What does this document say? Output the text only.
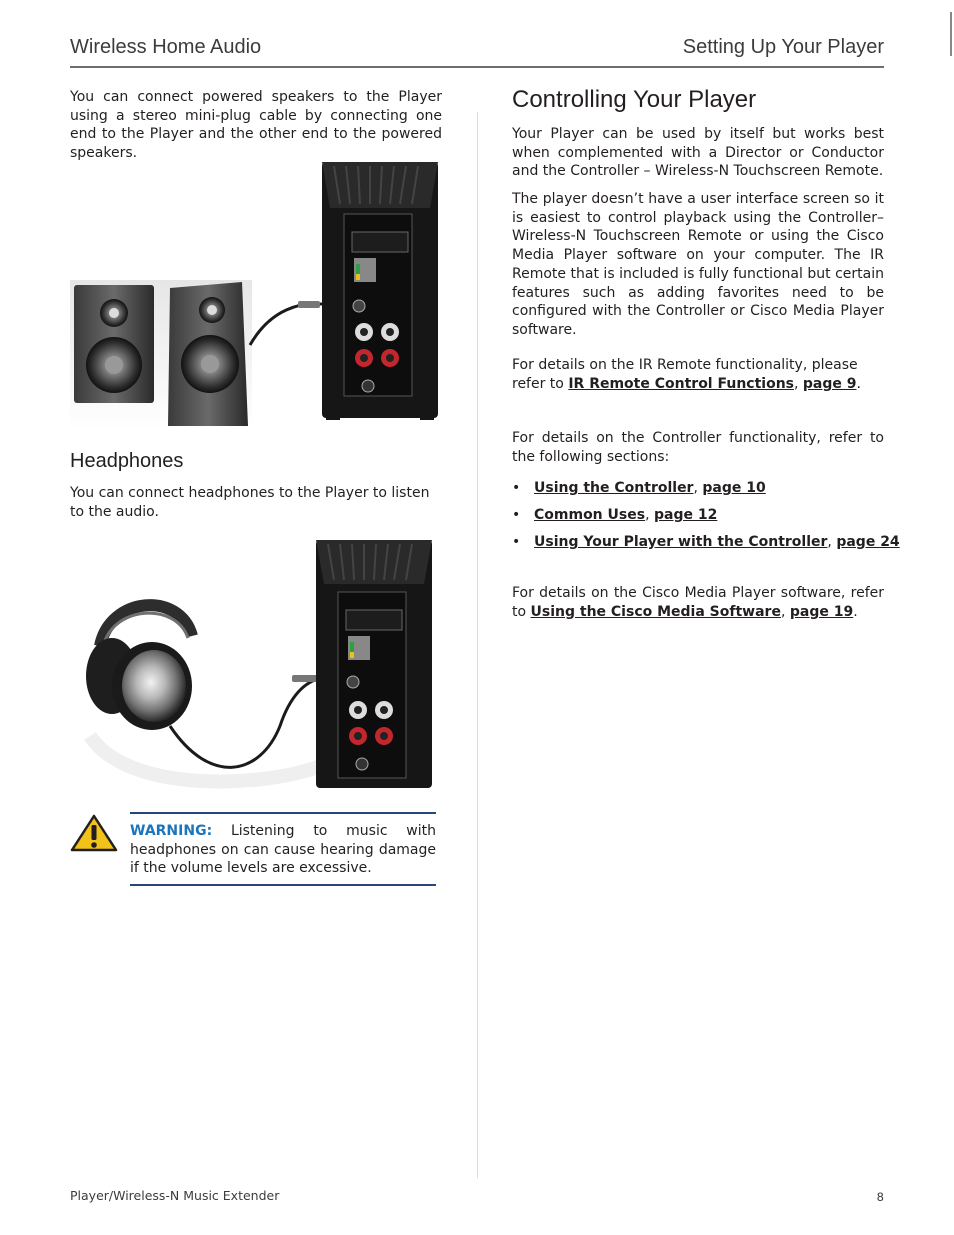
Wireless Home Audio	Setting Up Your Player

You can connect powered speakers to the Player using a stereo mini-plug cable by connecting one end to the Player and the other end to the powered speakers.

Headphones

You can connect headphones to the Player to listen to the audio.

WARNING: Listening to music with headphones on can cause hearing damage if the volume levels are excessive.

Controlling Your Player

Your Player can be used by itself but works best when complemented with a Director or Conductor and the Controller – Wireless-N Touchscreen Remote.

The player doesn’t have a user interface screen so it is easiest to control playback using the Controller– Wireless-N Touchscreen Remote or using the Cisco Media Player software on your computer. The IR Remote that is included is fully functional but certain features such as adding favorites need to be configured with the Controller or Cisco Media Player software.

For details on the IR Remote functionality, please refer to IR Remote Control Functions, page 9.

For details on the Controller functionality, refer to the following sections:

• Using the Controller, page 10
• Common Uses, page 12
• Using Your Player with the Controller, page 24

For details on the Cisco Media Player software, refer to Using the Cisco Media Software, page 19.

Player/Wireless-N Music Extender	8
